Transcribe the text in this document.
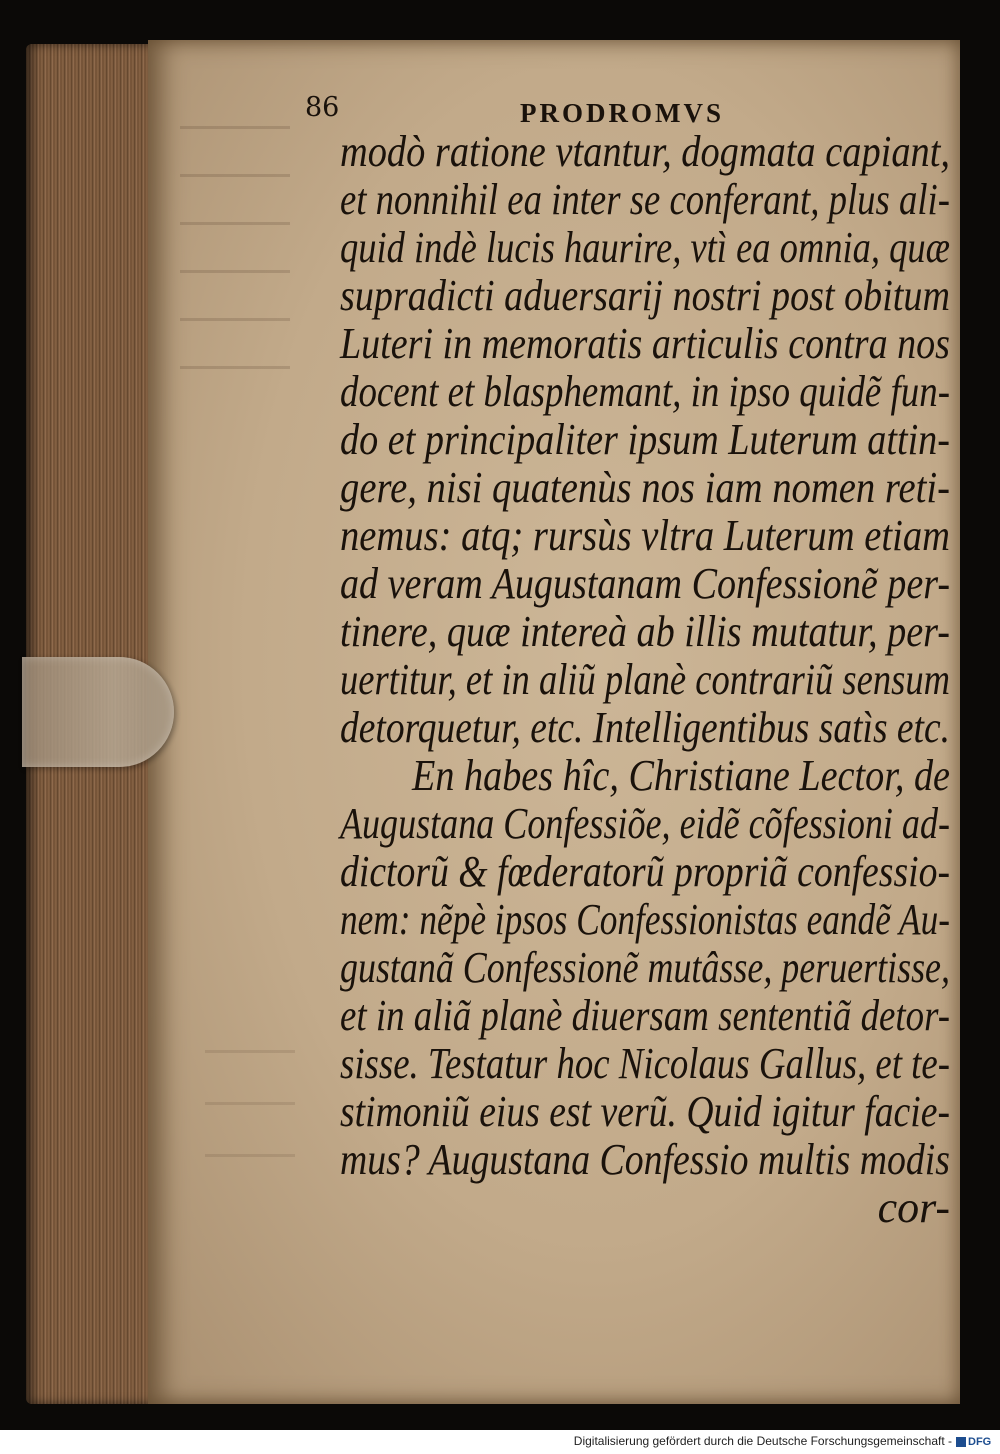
86	PRODROMVS
modò ratione vtantur, dogmata capiant,
et nonnihil ea inter se conferant, plus ali-
quid indè lucis haurire, vtì ea omnia, quæ
supradicti aduersarij nostri post obitum
Luteri in memoratis articulis contra nos
docent et blasphemant, in ipso quidẽ fun-
do et principaliter ipsum Luterum attin-
gere, nisi quatenùs nos iam nomen reti-
nemus: atq; rursùs vltra Luterum etiam
ad veram Augustanam Confessionẽ per-
tinere, quæ intereà ab illis mutatur, per-
uertitur, et in aliũ planè contrariũ sensum
detorquetur, etc. Intelligentibus satìs etc.
En habes hîc, Christiane Lector, de
Augustana Confessiõe, eidẽ cõfessioni ad-
dictorũ & fœderatorũ propriã confessio-
nem: nẽpè ipsos Confessionistas eandẽ Au-
gustanã Confessionẽ mutâsse, peruertisse,
et in aliã planè diuersam sententiã detor-
sisse. Testatur hoc Nicolaus Gallus, et te-
stimoniũ eius est verũ. Quid igitur facie-
mus? Augustana Confessio multis modis
cor-
Digitalisierung gefördert durch die Deutsche Forschungsgemeinschaft - DFG
